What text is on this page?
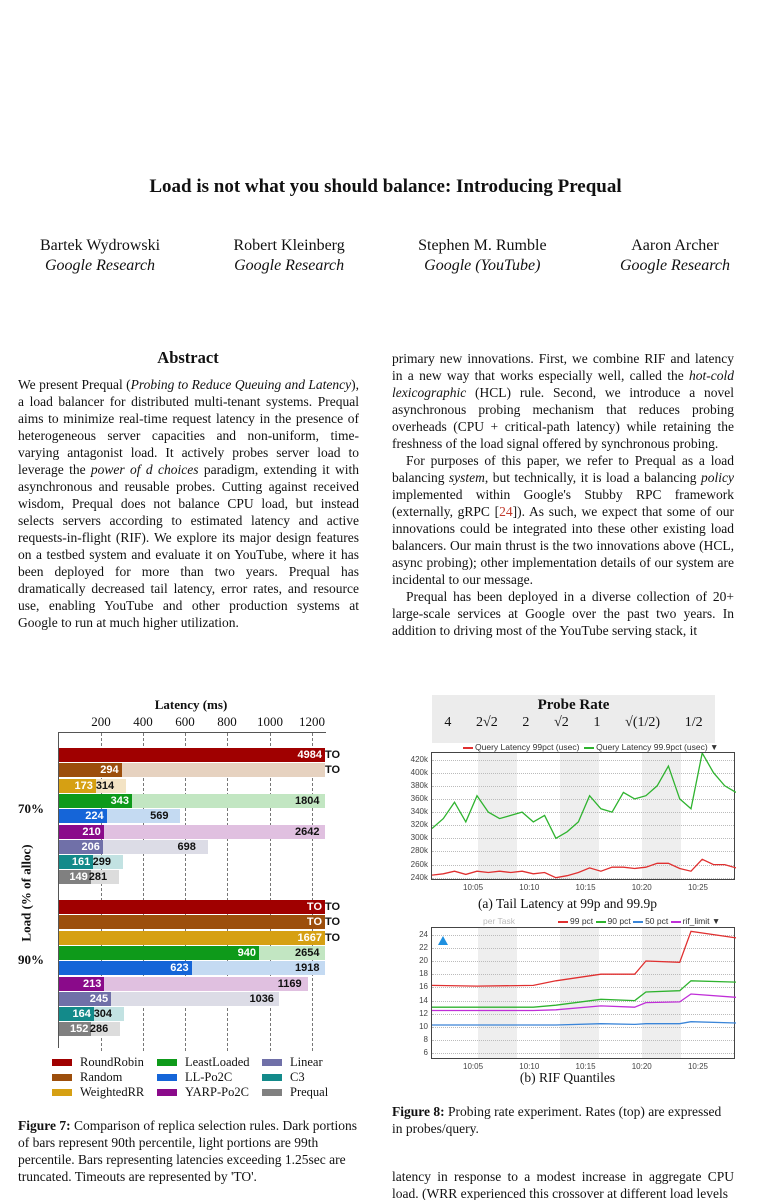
Load is not what you should balance: Introducing Prequal
Bartek Wydrowski
Google Research
Robert Kleinberg
Google Research
Stephen M. Rumble
Google (YouTube)
Aaron Archer
Google Research
Abstract
We present Prequal (Probing to Reduce Queuing and Latency), a load balancer for distributed multi-tenant systems. Prequal aims to minimize real-time request latency in the presence of heterogeneous server capacities and non-uniform, time-varying antagonist load. It actively probes server load to leverage the power of d choices paradigm, extending it with asynchronous and reusable probes. Cutting against received wisdom, Prequal does not balance CPU load, but instead selects servers according to estimated latency and active requests-in-flight (RIF). We explore its major design features on a testbed system and evaluate it on YouTube, where it has been deployed for more than two years. Prequal has dramatically decreased tail latency, error rates, and resource use, enabling YouTube and other production systems at Google to run at much higher utilization.

primary new innovations. First, we combine RIF and latency in a new way that works especially well, called the hot-cold lexicographic (HCL) rule. Second, we introduce a novel asynchronous probing mechanism that reduces probing overheads (CPU + critical-path latency) while retaining the freshness of the load signal offered by synchronous probing.

For purposes of this paper, we refer to Prequal as a load balancing system, but technically, it is load a balancing policy implemented within Google's Stubby RPC framework (externally, gRPC [24]). As such, we expect that some of our innovations could be integrated into these other existing load balancers. Our main thrust is the two innovations above (HCL, async probing); other implementation details of our system are incidental to our message.

Prequal has been deployed in a diverse collection of 20+ large-scale services at Google over the past two years. In addition to driving most of the YouTube serving stack, it

Latency (ms)
200 400 600 800 1000 1200
Load (% of alloc)
70%
90%
4984 TO
294	TO
173 314
343	1804
224	569
210	2642
206	698
161 299
149 281
TO TO
TO TO
1667 TO
940	2654
623	1918
213	1169
245	1036
164 304
152 286
RoundRobin	LeastLoaded	Linear
Random	LL-Po2C	C3
WeightedRR	YARP-Po2C	Prequal
Figure 7: Comparison of replica selection rules. Dark portions of bars represent 90th percentile, light portions are 99th percentile. Bars representing latencies exceeding 1.25sec are truncated. Timeouts are represented by 'TO'.
Probe Rate
4 2√2 2 √2 1 √(1/2) 1/2
Query Latency 99pct (usec) Query Latency 99.9pct (usec) ▼
420k
400k
380k
360k
340k
320k
300k
280k
260k
240k
10:05	10:10	10:15	10:20	10:25
(a) Tail Latency at 99p and 99.9p
per Task	99 pct 90 pct 50 pct rif_limit ▼
24
22
20
18
16
14
12
10
8
6
10:05	10:10	10:15	10:20	10:25
(b) RIF Quantiles
Figure 8: Probing rate experiment. Rates (top) are expressed in probes/query.
latency in response to a modest increase in aggregate CPU load. (WRR experienced this crossover at different load levels
